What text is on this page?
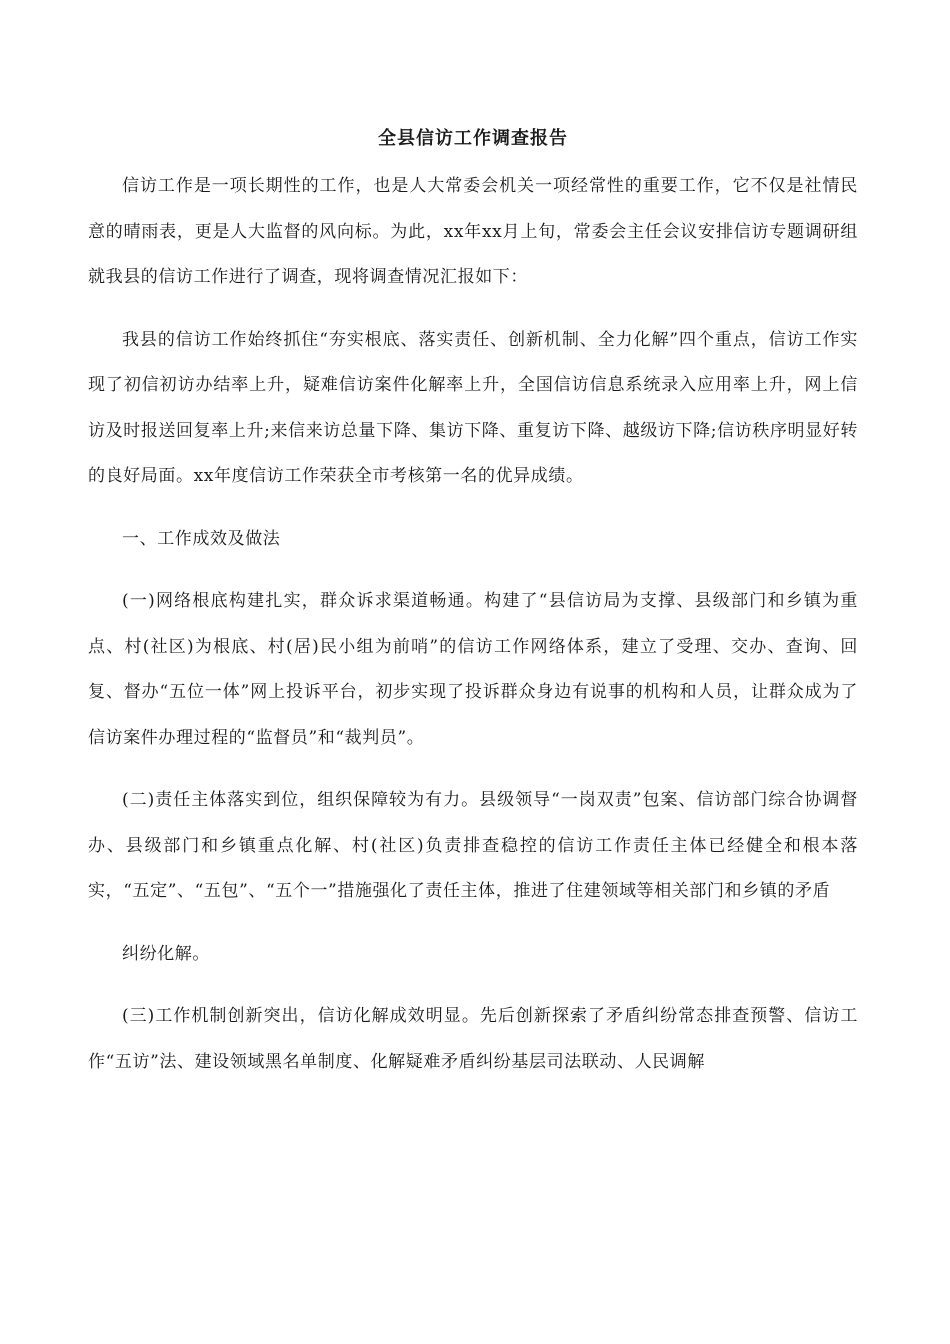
全县信访工作调查报告

信访工作是一项长期性的工作，也是人大常委会机关一项经常性的重要工作，它不仅是社情民意的晴雨表，更是人大监督的风向标。为此，xx年xx月上旬，常委会主任会议安排信访专题调研组就我县的信访工作进行了调查，现将调查情况汇报如下：

我县的信访工作始终抓住“夯实根底、落实责任、创新机制、全力化解”四个重点，信访工作实现了初信初访办结率上升，疑难信访案件化解率上升，全国信访信息系统录入应用率上升，网上信访及时报送回复率上升;来信来访总量下降、集访下降、重复访下降、越级访下降;信访秩序明显好转的良好局面。xx年度信访工作荣获全市考核第一名的优异成绩。

一、工作成效及做法

(一)网络根底构建扎实，群众诉求渠道畅通。构建了“县信访局为支撑、县级部门和乡镇为重点、村(社区)为根底、村(居)民小组为前哨”的信访工作网络体系，建立了受理、交办、查询、回复、督办“五位一体”网上投诉平台，初步实现了投诉群众身边有说事的机构和人员，让群众成为了信访案件办理过程的“监督员”和“裁判员”。

(二)责任主体落实到位，组织保障较为有力。县级领导“一岗双责”包案、信访部门综合协调督办、县级部门和乡镇重点化解、村(社区)负责排查稳控的信访工作责任主体已经健全和根本落实，“五定”、“五包”、“五个一”措施强化了责任主体，推进了住建领域等相关部门和乡镇的矛盾

纠纷化解。

(三)工作机制创新突出，信访化解成效明显。先后创新探索了矛盾纠纷常态排查预警、信访工作“五访”法、建设领域黑名单制度、化解疑难矛盾纠纷基层司法联动、人民调解
